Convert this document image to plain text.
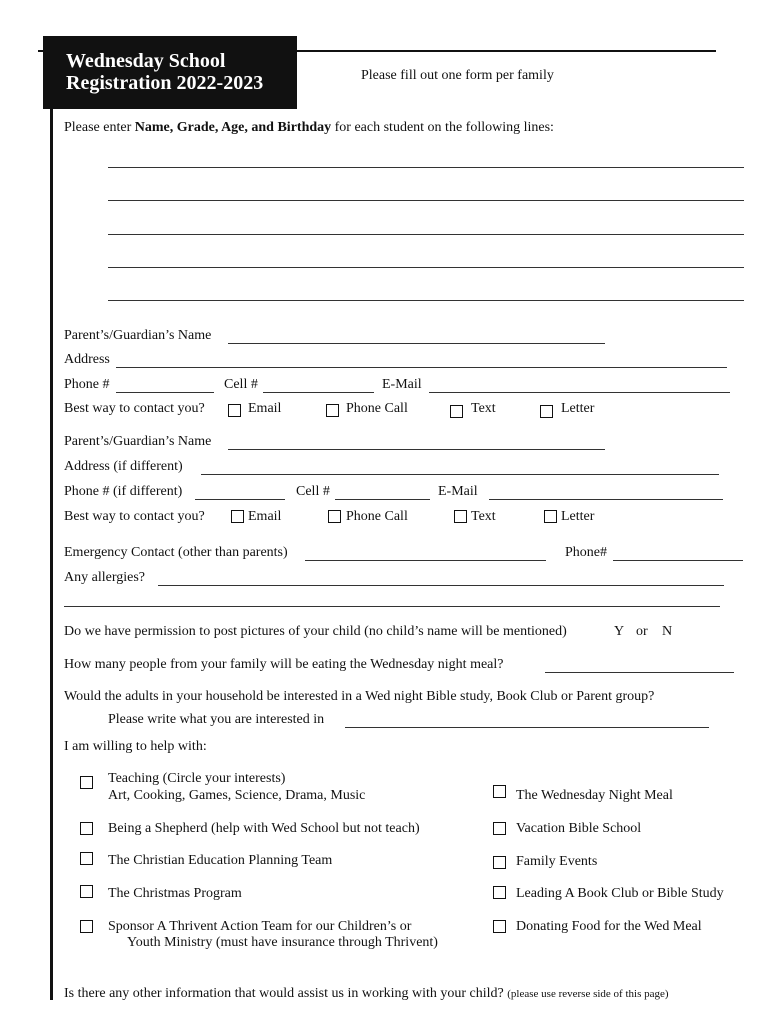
Wednesday School
Registration 2022-2023	Please fill out one form per family
Please enter Name, Grade, Age, and Birthday for each student on the following lines:
Parent’s/Guardian’s Name
Address
Phone #	Cell #	E-Mail
Best way to contact you?	Email	Phone Call	Text	Letter
Parent’s/Guardian’s Name
Address (if different)
Phone # (if different)	Cell #	E-Mail
Best way to contact you?	Email	Phone Call	Text	Letter
Emergency Contact (other than parents)	Phone#
Any allergies?
Do we have permission to post pictures of your child (no child’s name will be mentioned)	Y or N
How many people from your family will be eating the Wednesday night meal?
Would the adults in your household be interested in a Wed night Bible study, Book Club or Parent group?
Please write what you are interested in
I am willing to help with:
Teaching (Circle your interests)
Art, Cooking, Games, Science, Drama, Music
Being a Shepherd (help with Wed School but not teach)
The Christian Education Planning Team
The Christmas Program
Sponsor A Thrivent Action Team for our Children’s or
Youth Ministry (must have insurance through Thrivent)
The Wednesday Night Meal
Vacation Bible School
Family Events
Leading A Book Club or Bible Study
Donating Food for the Wed Meal
Is there any other information that would assist us in working with your child? (please use reverse side of this page)
